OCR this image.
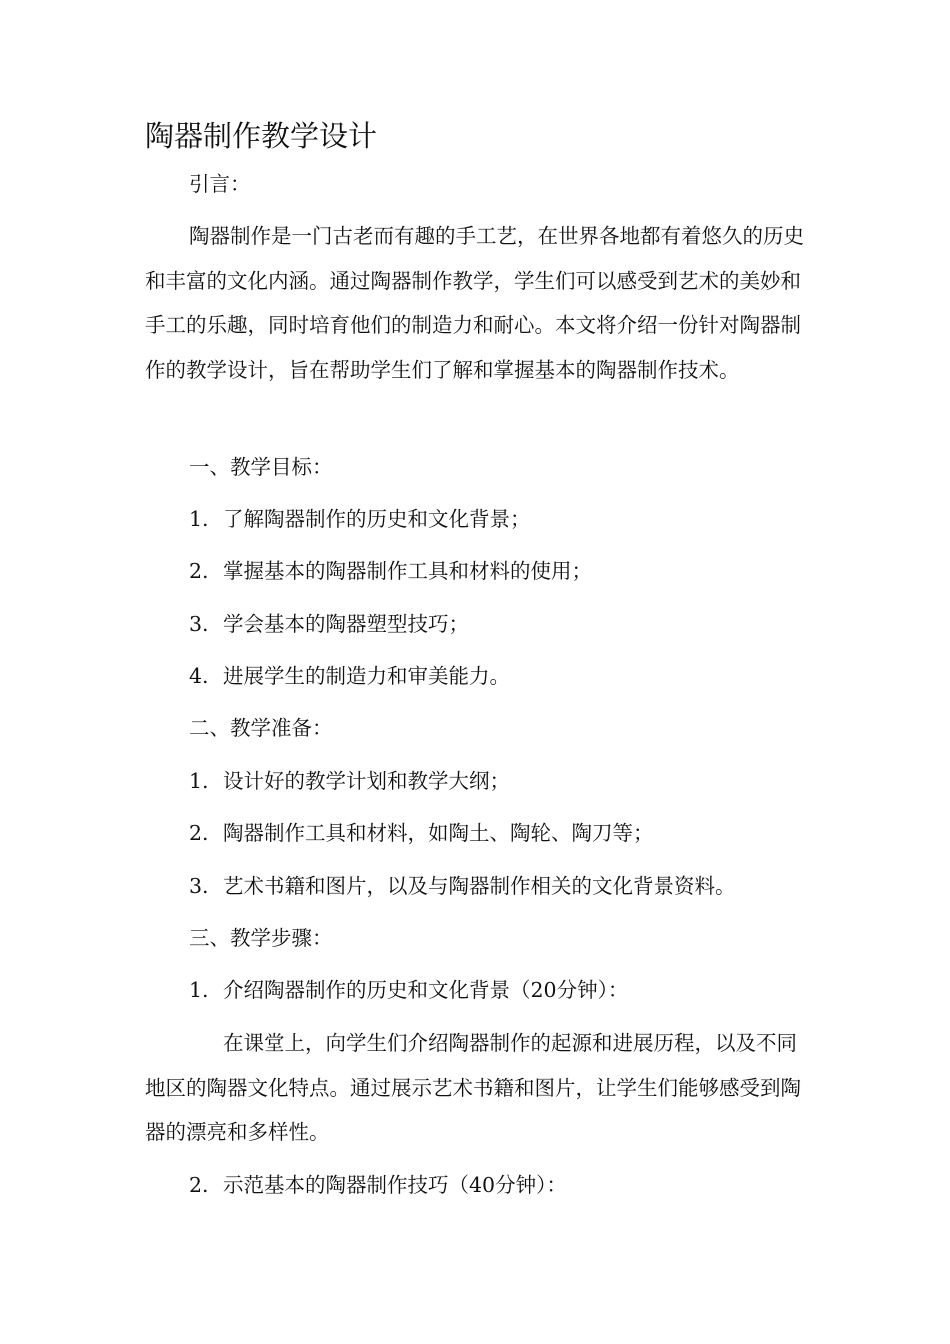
陶器制作教学设计

引言：

陶器制作是一门古老而有趣的手工艺，在世界各地都有着悠久的历史和丰富的文化内涵。通过陶器制作教学，学生们可以感受到艺术的美妙和手工的乐趣，同时培育他们的制造力和耐心。本文将介绍一份针对陶器制作的教学设计，旨在帮助学生们了解和掌握基本的陶器制作技术。

一、教学目标：

1. 了解陶器制作的历史和文化背景；
2. 掌握基本的陶器制作工具和材料的使用；
3. 学会基本的陶器塑型技巧；
4. 进展学生的制造力和审美能力。

二、教学准备：

1. 设计好的教学计划和教学大纲；
2. 陶器制作工具和材料，如陶土、陶轮、陶刀等；
3. 艺术书籍和图片，以及与陶器制作相关的文化背景资料。

三、教学步骤：

1. 介绍陶器制作的历史和文化背景（20分钟）：

在课堂上，向学生们介绍陶器制作的起源和进展历程，以及不同地区的陶器文化特点。通过展示艺术书籍和图片，让学生们能够感受到陶器的漂亮和多样性。

2. 示范基本的陶器制作技巧（40分钟）：
